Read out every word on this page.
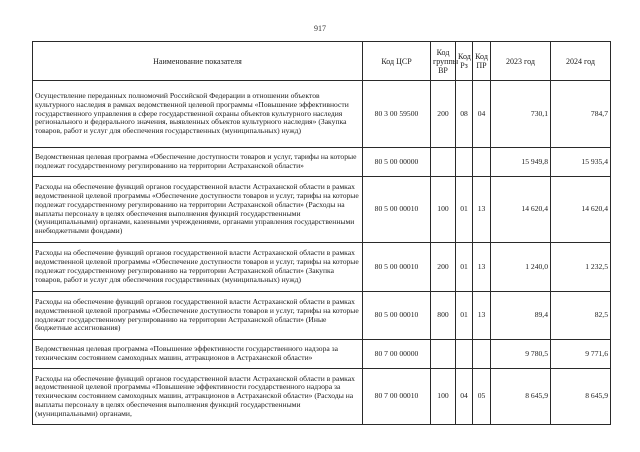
917
Наименование показателя	Код ЦСР	Код группы ВР	Код Рз	Код ПР	2023 год	2024 год
Осуществление переданных полномочий Российской Федерации в отношении объектов культурного наследия в рамках ведомственной целевой программы «Повышение эффективности государственного управления в сфере государственной охраны объектов культурного наследия регионального и федерального значения, выявленных объектов культурного наследия» (Закупка товаров, работ и услуг для обеспечения государственных (муниципальных) нужд)	80 3 00 59500	200	08	04	730,1	784,7
Ведомственная целевая программа «Обеспечение доступности товаров и услуг, тарифы на которые подлежат государственному регулированию на территории Астраханской области»	80 5 00 00000				15 949,8	15 935,4
Расходы на обеспечение функций органов государственной власти Астраханской области в рамках ведомственной целевой программы «Обеспечение доступности товаров и услуг, тарифы на которые подлежат государственному регулированию на территории Астраханской области» (Расходы на выплаты персоналу в целях обеспечения выполнения функций государственными (муниципальными) органами, казенными учреждениями, органами управления государственными внебюджетными фондами)	80 5 00 00010	100	01	13	14 620,4	14 620,4
Расходы на обеспечение функций органов государственной власти Астраханской области в рамках ведомственной целевой программы «Обеспечение доступности товаров и услуг, тарифы на которые подлежат государственному регулированию на территории Астраханской области» (Закупка товаров, работ и услуг для обеспечения государственных (муниципальных) нужд)	80 5 00 00010	200	01	13	1 240,0	1 232,5
Расходы на обеспечение функций органов государственной власти Астраханской области в рамках ведомственной целевой программы «Обеспечение доступности товаров и услуг, тарифы на которые подлежат государственному регулированию на территории Астраханской области» (Иные бюджетные ассигнования)	80 5 00 00010	800	01	13	89,4	82,5
Ведомственная целевая программа «Повышение эффективности государственного надзора за техническим состоянием самоходных машин, аттракционов в Астраханской области»	80 7 00 00000				9 780,5	9 771,6
Расходы на обеспечение функций органов государственной власти Астраханской области в рамках ведомственной целевой программы «Повышение эффективности государственного надзора за техническим состоянием самоходных машин, аттракционов в Астраханской области» (Расходы на выплаты персоналу в целях обеспечения выполнения функций государственными (муниципальными) органами,	80 7 00 00010	100	04	05	8 645,9	8 645,9
